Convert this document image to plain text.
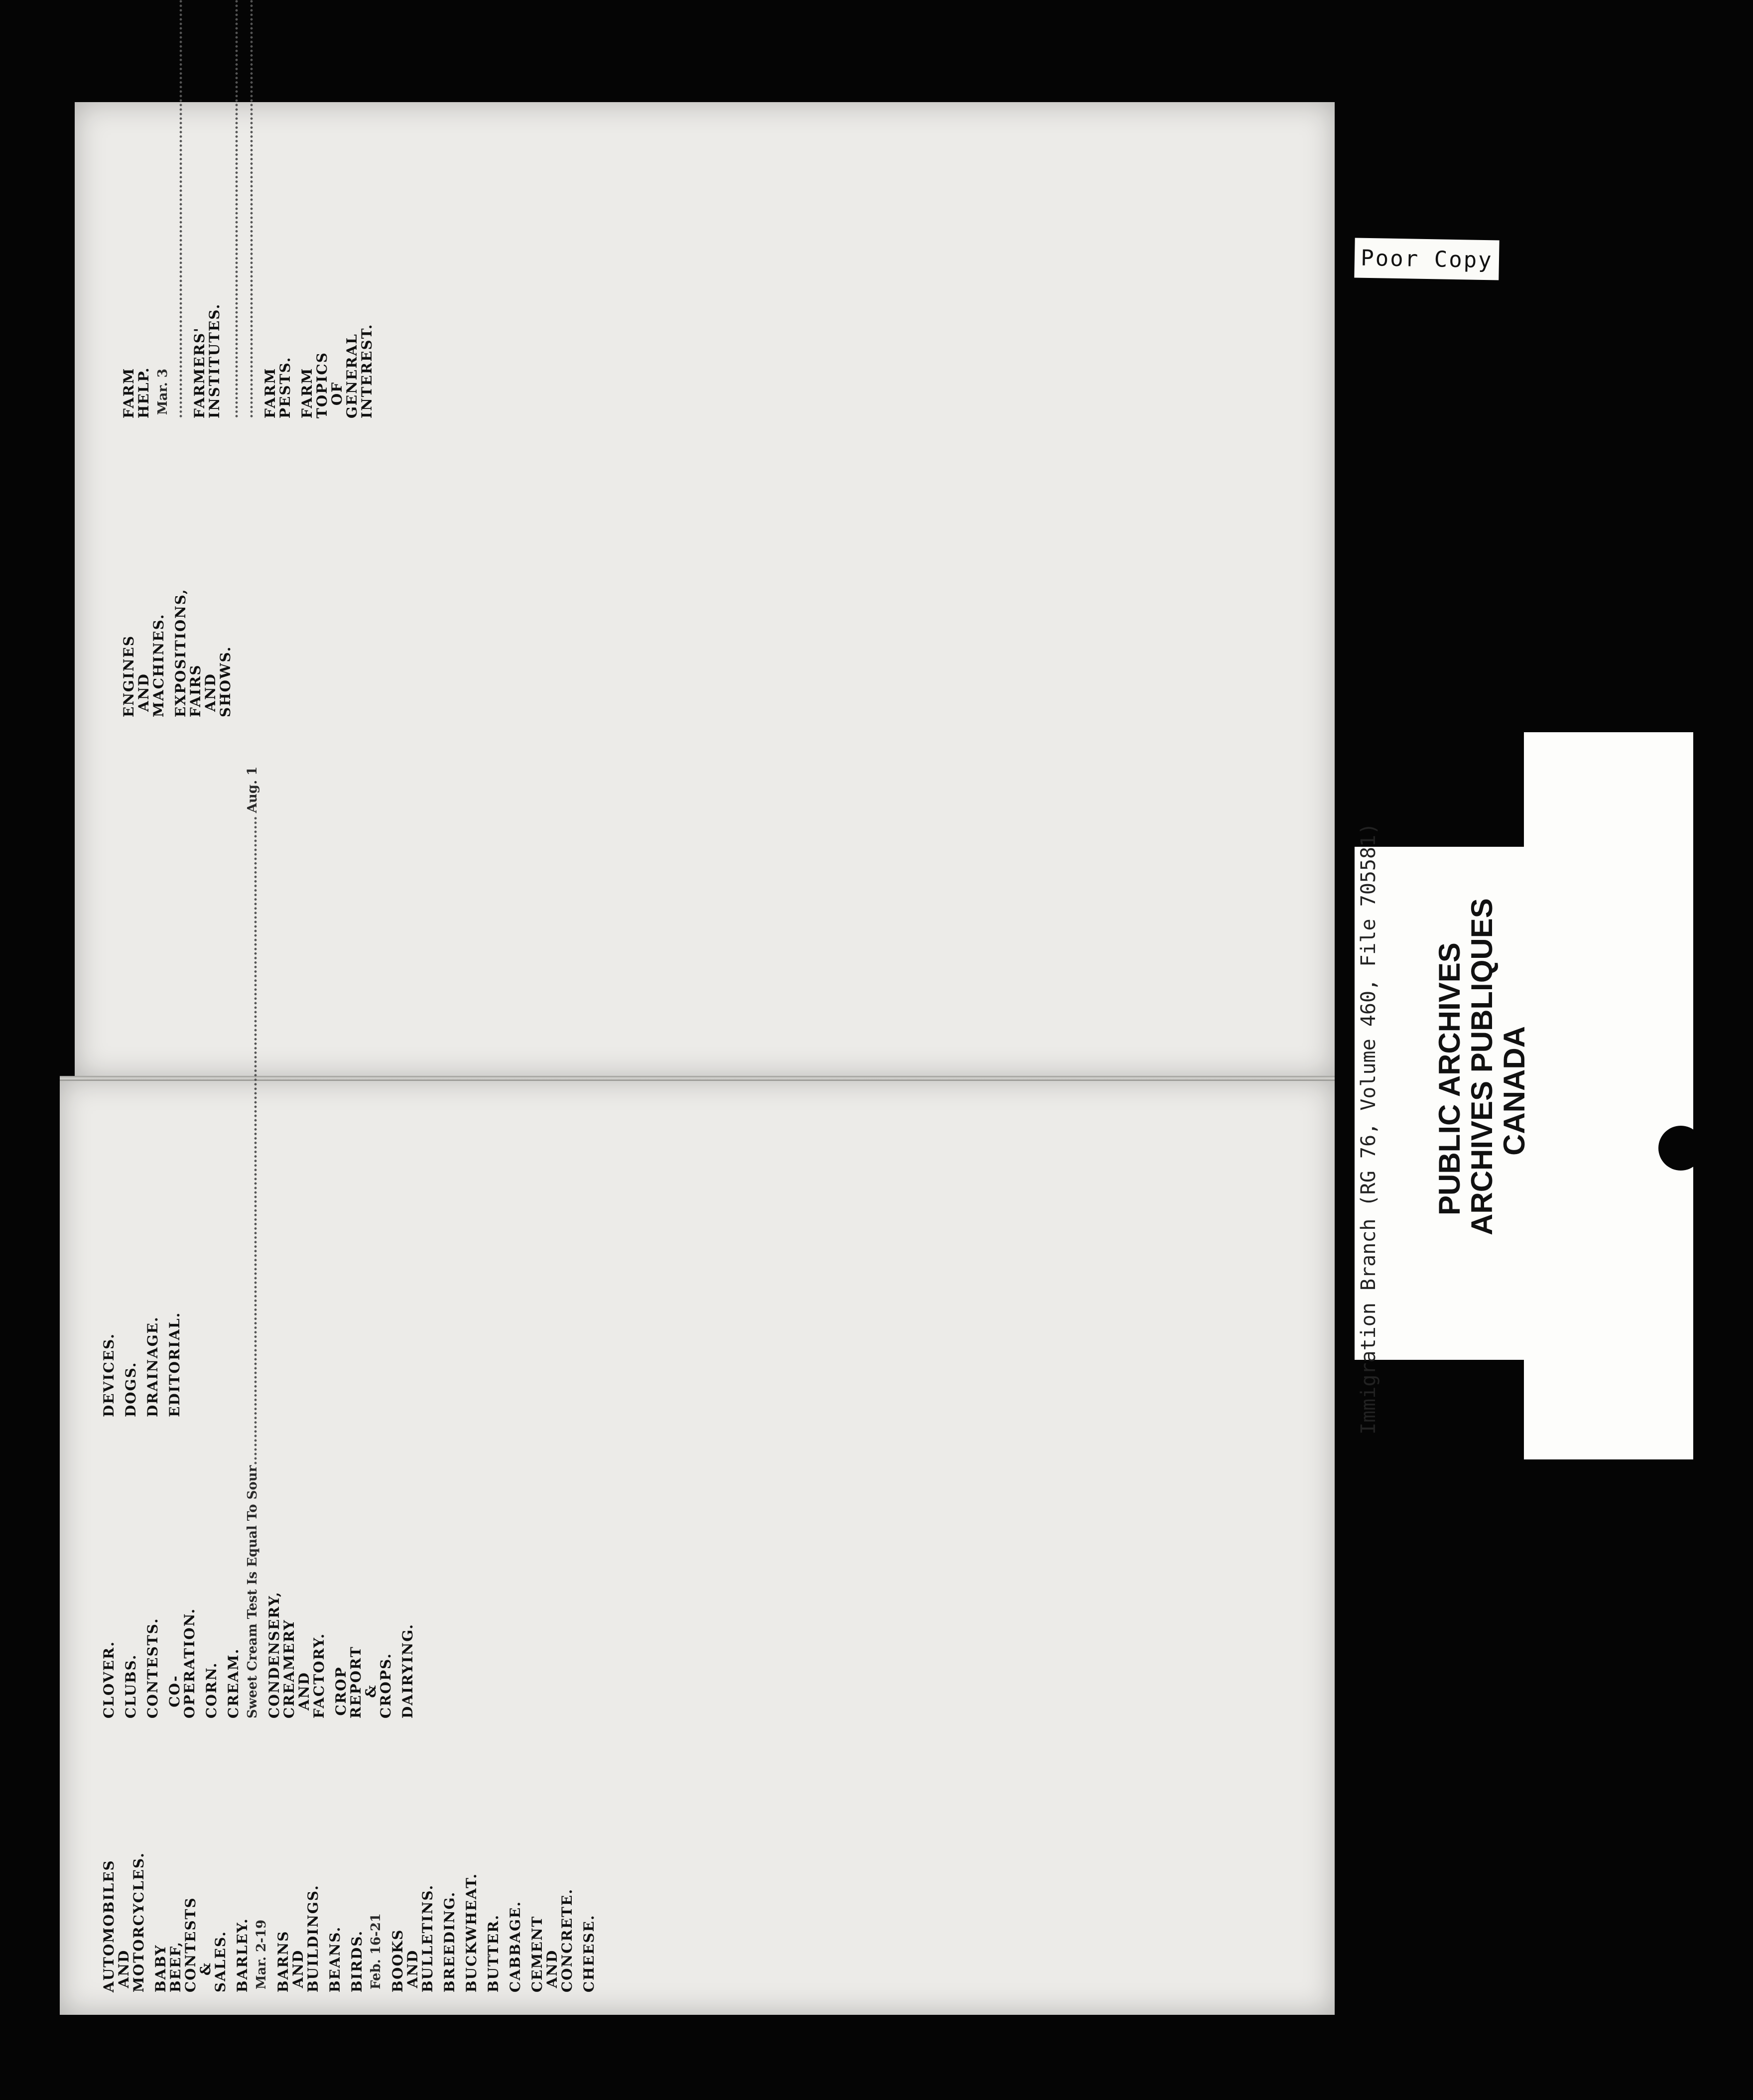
FARM HELP.
..... Mar. 3 ..... FARMERS' INSTITUTES. ..... .....	FARM PESTS. FARM TOPICS OF GENERAL INTEREST.
ENGINES AND MACHINES. EXPOSITIONS, FAIRS AND SHOWS.
DEVICES. DOGS. DRAINAGE. EDITORIAL.
CLOVER. CLUBS. CONTESTS. CO-OPERATION. CORN. CREAM. Sweet Cream Test Is Equal To Sour
.....
Aug. 1
CONDENSERY, CREAMERY AND FACTORY. CROP REPORT & CROPS. DAIRYING.
AUTOMOBILES AND MOTORCYCLES. BABY BEEF, CONTESTS & SALES. BARLEY. Mar. 2-19 BARNS AND BUILDINGS. BEANS. BIRDS. Feb. 16-21 BOOKS AND BULLETINS. BREEDING. BUCKWHEAT. BUTTER. CABBAGE. CEMENT AND CONCRETE. CHEESE.
Poor Copy
Immigration Branch (RG 76, Volume 460, File 705581) PUBLIC ARCHIVES
ARCHIVES PUBLIQUES
CANADA
